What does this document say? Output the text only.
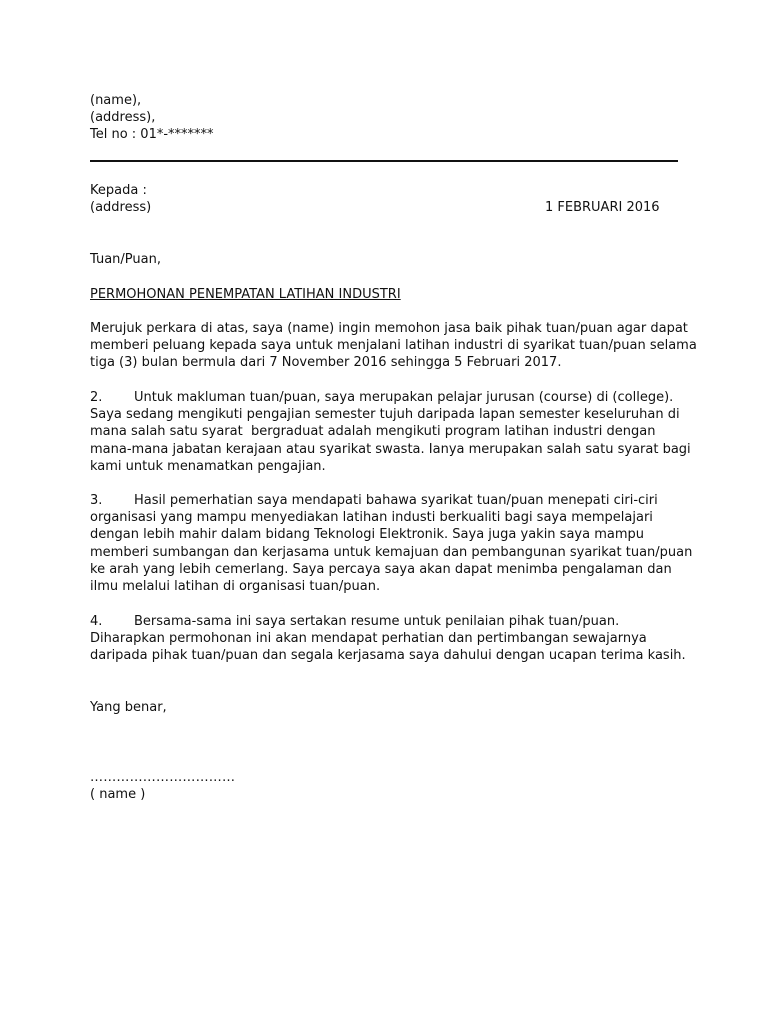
(name),
(address),
Tel no : 01*-*******
Kepada :
(address)	1 FEBRUARI 2016
Tuan/Puan,
PERMOHONAN PENEMPATAN LATIHAN INDUSTRI
Merujuk perkara di atas, saya (name) ingin memohon jasa baik pihak tuan/puan agar dapat
memberi peluang kepada saya untuk menjalani latihan industri di syarikat tuan/puan selama
tiga (3) bulan bermula dari 7 November 2016 sehingga 5 Februari 2017.
2. Untuk makluman tuan/puan, saya merupakan pelajar jurusan (course) di (college).
Saya sedang mengikuti pengajian semester tujuh daripada lapan semester keseluruhan di
mana salah satu syarat  bergraduat adalah mengikuti program latihan industri dengan
mana-mana jabatan kerajaan atau syarikat swasta. Ianya merupakan salah satu syarat bagi
kami untuk menamatkan pengajian.
3. Hasil pemerhatian saya mendapati bahawa syarikat tuan/puan menepati ciri-ciri
organisasi yang mampu menyediakan latihan industi berkualiti bagi saya mempelajari
dengan lebih mahir dalam bidang Teknologi Elektronik. Saya juga yakin saya mampu
memberi sumbangan dan kerjasama untuk kemajuan dan pembangunan syarikat tuan/puan
ke arah yang lebih cemerlang. Saya percaya saya akan dapat menimba pengalaman dan
ilmu melalui latihan di organisasi tuan/puan.
4. Bersama-sama ini saya sertakan resume untuk penilaian pihak tuan/puan.
Diharapkan permohonan ini akan mendapat perhatian dan pertimbangan sewajarnya
daripada pihak tuan/puan dan segala kerjasama saya dahului dengan ucapan terima kasih.
Yang benar,
……………………………
( name )
